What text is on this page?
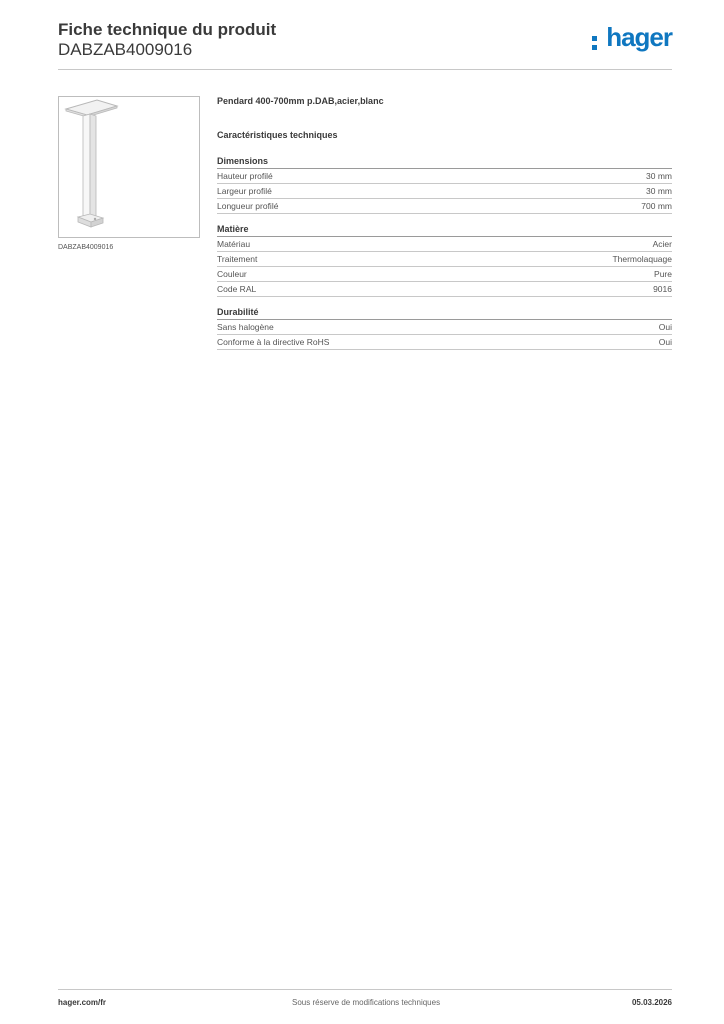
Fiche technique du produit
DABZAB4009016	hager
DABZAB4009016
Pendard 400-700mm p.DAB,acier,blanc
Caractéristiques techniques
Dimensions
Hauteur profilé	30 mm
Largeur profilé	30 mm
Longueur profilé	700 mm
Matière
Matériau	Acier
Traitement	Thermolaquage
Couleur	Pure
Code RAL	9016
Durabilité
Sans halogène	Oui
Conforme à la directive RoHS	Oui
hager.com/fr	Sous réserve de modifications techniques	05.03.2026
